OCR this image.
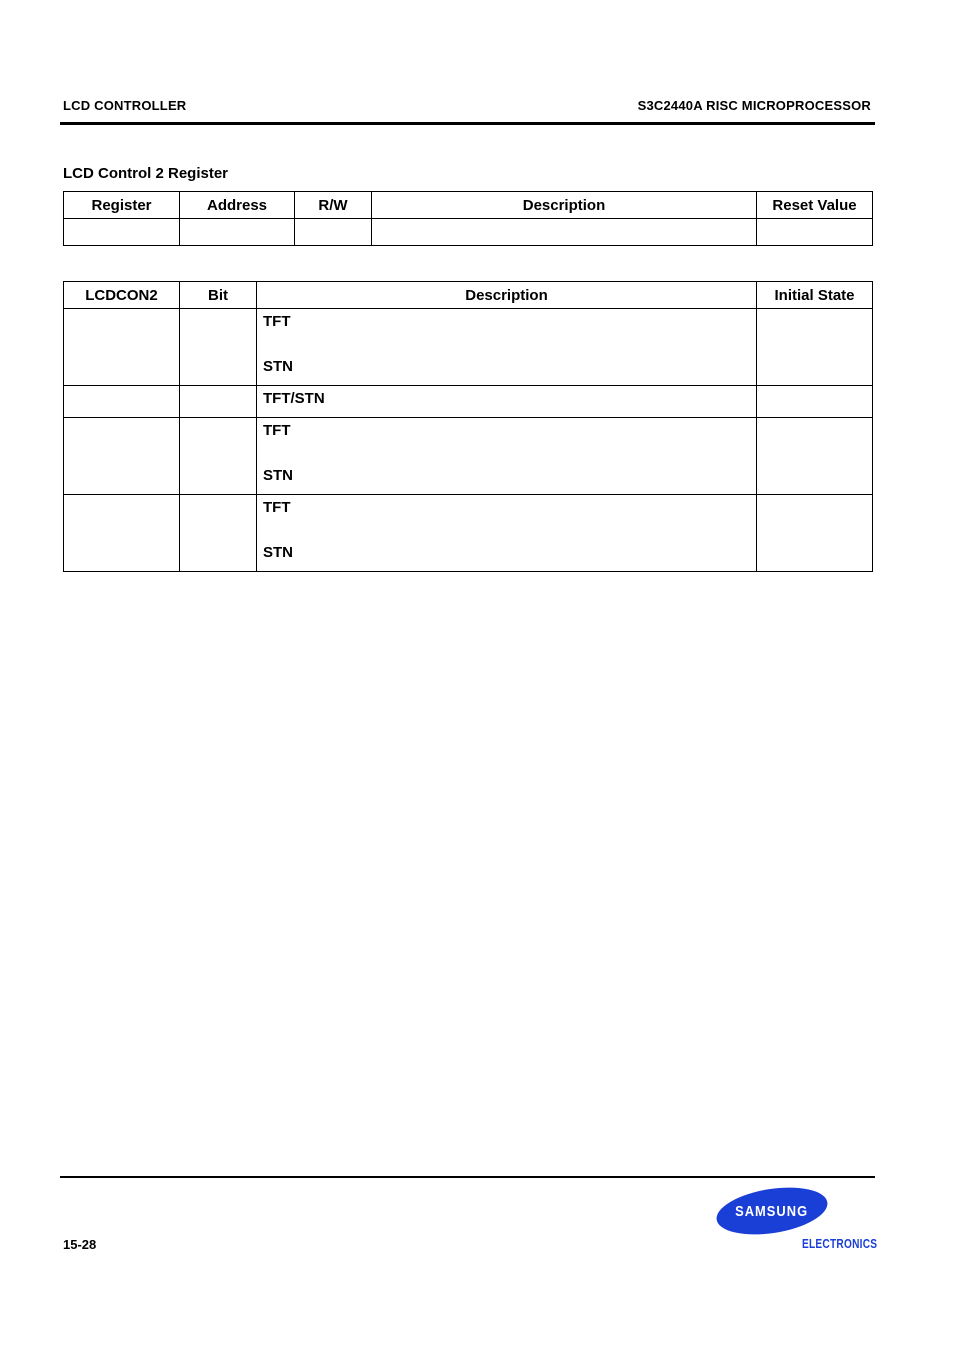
LCD CONTROLLER	S3C2440A RISC MICROPROCESSOR
LCD Control 2 Register
Register	Address	R/W	Description	Reset Value

LCDCON2	Bit	Description	Initial State
		TFT
STN	
		TFT/STN	
		TFT
STN	
		TFT
STN	
15-28
SAMSUNG
ELECTRONICS
